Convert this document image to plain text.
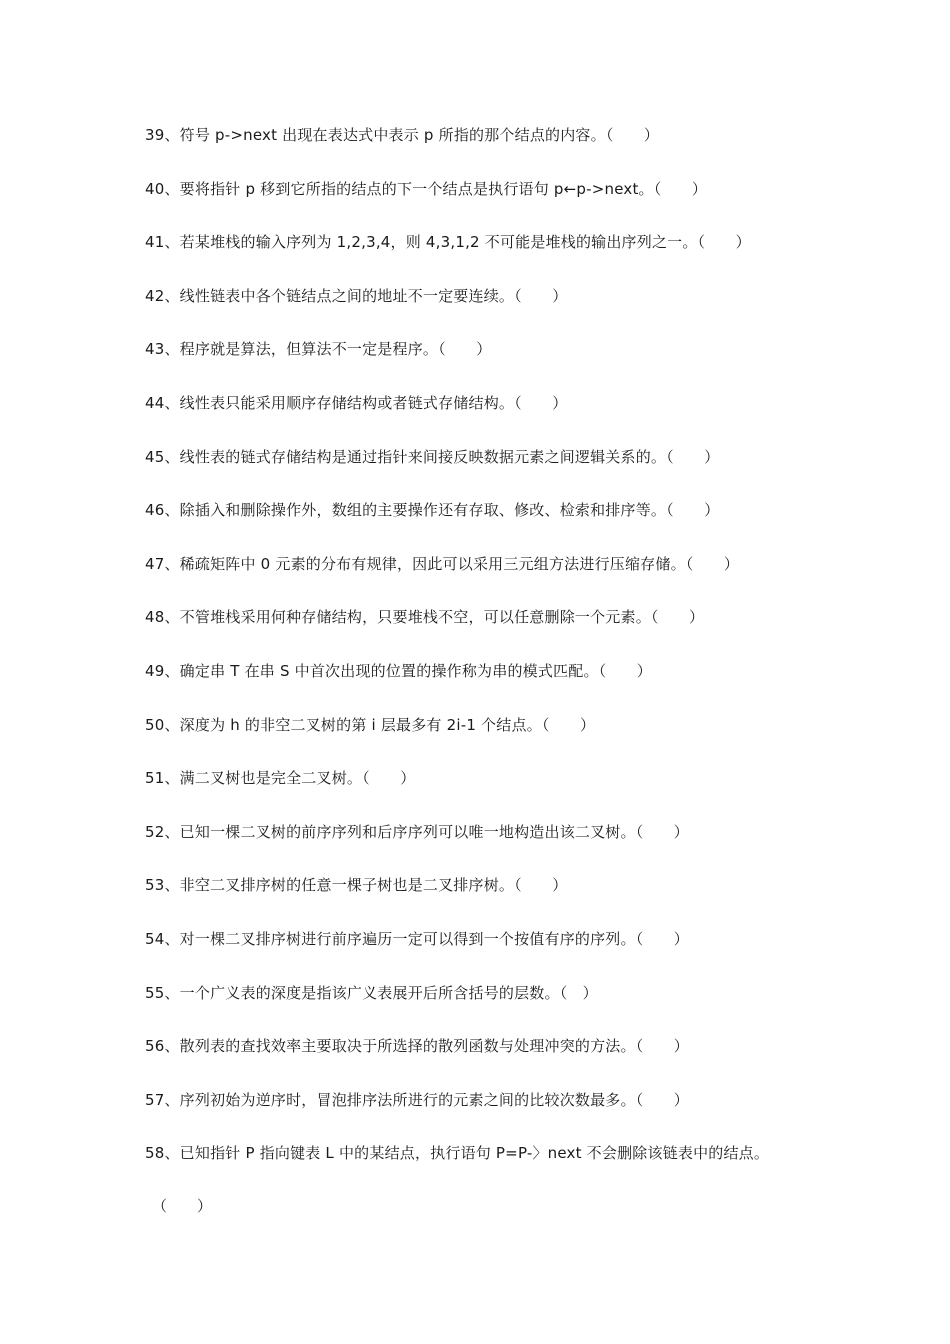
39、符号 p->next 出现在表达式中表示 p 所指的那个结点的内容。（　　）
40、要将指针 p 移到它所指的结点的下一个结点是执行语句 p←p->next。（　　）
41、若某堆栈的输入序列为 1,2,3,4，则 4,3,1,2 不可能是堆栈的输出序列之一。（　　）
42、线性链表中各个链结点之间的地址不一定要连续。（　　）
43、程序就是算法，但算法不一定是程序。（　　）
44、线性表只能采用顺序存储结构或者链式存储结构。（　　）
45、线性表的链式存储结构是通过指针来间接反映数据元素之间逻辑关系的。（　　）
46、除插入和删除操作外，数组的主要操作还有存取、修改、检索和排序等。（　　）
47、稀疏矩阵中 0 元素的分布有规律，因此可以采用三元组方法进行压缩存储。（　　）
48、不管堆栈采用何种存储结构，只要堆栈不空，可以任意删除一个元素。（　　）
49、确定串 T 在串 S 中首次出现的位置的操作称为串的模式匹配。（　　）
50、深度为 h 的非空二叉树的第 i 层最多有 2i-1 个结点。（　　）
51、满二叉树也是完全二叉树。（　　）
52、已知一棵二叉树的前序序列和后序序列可以唯一地构造出该二叉树。（　　）
53、非空二叉排序树的任意一棵子树也是二叉排序树。（　　）
54、对一棵二叉排序树进行前序遍历一定可以得到一个按值有序的序列。（　　）
55、一个广义表的深度是指该广义表展开后所含括号的层数。（　）
56、散列表的查找效率主要取决于所选择的散列函数与处理冲突的方法。（　　）
57、序列初始为逆序时，冒泡排序法所进行的元素之间的比较次数最多。（　　）
58、已知指针 P 指向键表 L 中的某结点，执行语句 P=P-〉next 不会删除该链表中的结点。
（　　）
